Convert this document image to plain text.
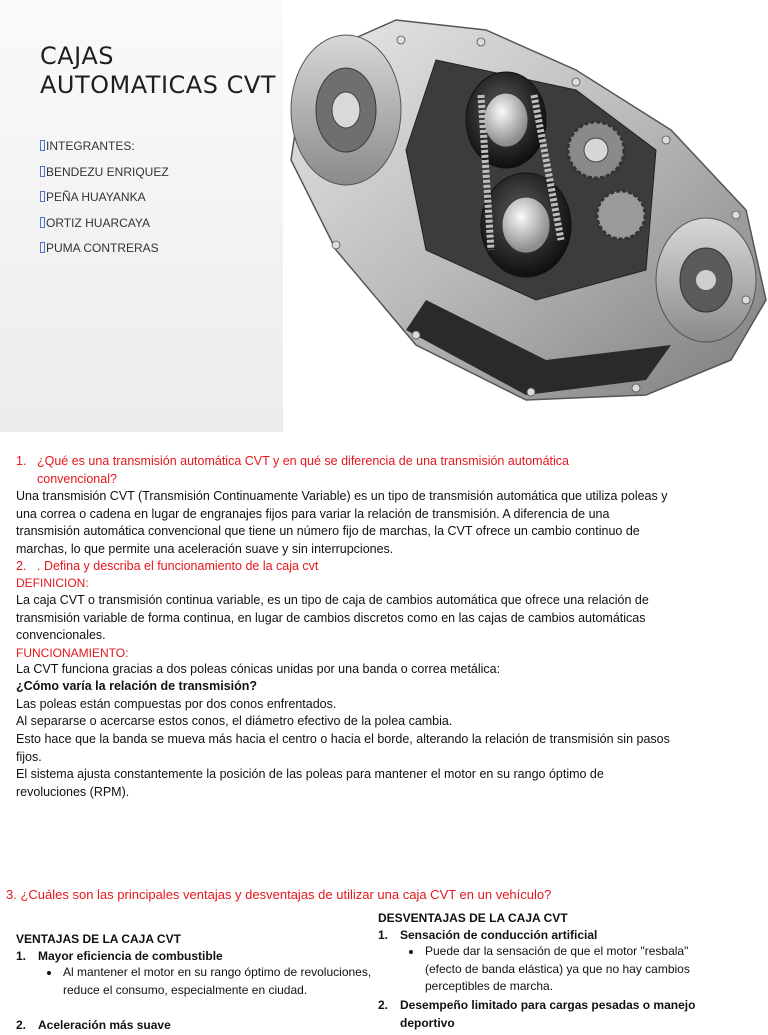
CAJAS
AUTOMATICAS CVT
INTEGRANTES:
BENDEZU ENRIQUEZ
PEÑA HUAYANKA
ORTIZ HUARCAYA
PUMA CONTRERAS
1. ¿Qué es una transmisión automática CVT y en qué se diferencia de una transmisión automática
convencional?

Una transmisión CVT (Transmisión Continuamente Variable) es un tipo de transmisión automática que utiliza poleas y una correa o cadena en lugar de engranajes fijos para variar la relación de transmisión. A diferencia de una transmisión automática convencional que tiene un número fijo de marchas, la CVT ofrece un cambio continuo de marchas, lo que permite una aceleración suave y sin interrupciones.

2. . Defina y describa el funcionamiento de la caja cvt

DEFINICION:

La caja CVT o transmisión continua variable, es un tipo de caja de cambios automática que ofrece una relación de transmisión variable de forma continua, en lugar de cambios discretos como en las cajas de cambios automáticas convencionales.

FUNCIONAMIENTO:

La CVT funciona gracias a dos poleas cónicas unidas por una banda o correa metálica:

¿Cómo varía la relación de transmisión?

Las poleas están compuestas por dos conos enfrentados.

Al separarse o acercarse estos conos, el diámetro efectivo de la polea cambia.

Esto hace que la banda se mueva más hacia el centro o hacia el borde, alterando la relación de transmisión sin pasos fijos.

El sistema ajusta constantemente la posición de las poleas para mantener el motor en su rango óptimo de revoluciones (RPM).

3. ¿Cuáles son las principales ventajas y desventajas de utilizar una caja CVT en un vehículo?

VENTAJAS DE LA CAJA CVT
1. Mayor eficiencia de combustible
Al mantener el motor en su rango óptimo de revoluciones, reduce el consumo, especialmente en ciudad.
2. Aceleración más suave
DESVENTAJAS DE LA CAJA CVT
1. Sensación de conducción artificial
Puede dar la sensación de que el motor "resbala" (efecto de banda elástica) ya que no hay cambios perceptibles de marcha.
2. Desempeño limitado para cargas pesadas o manejo deportivo
